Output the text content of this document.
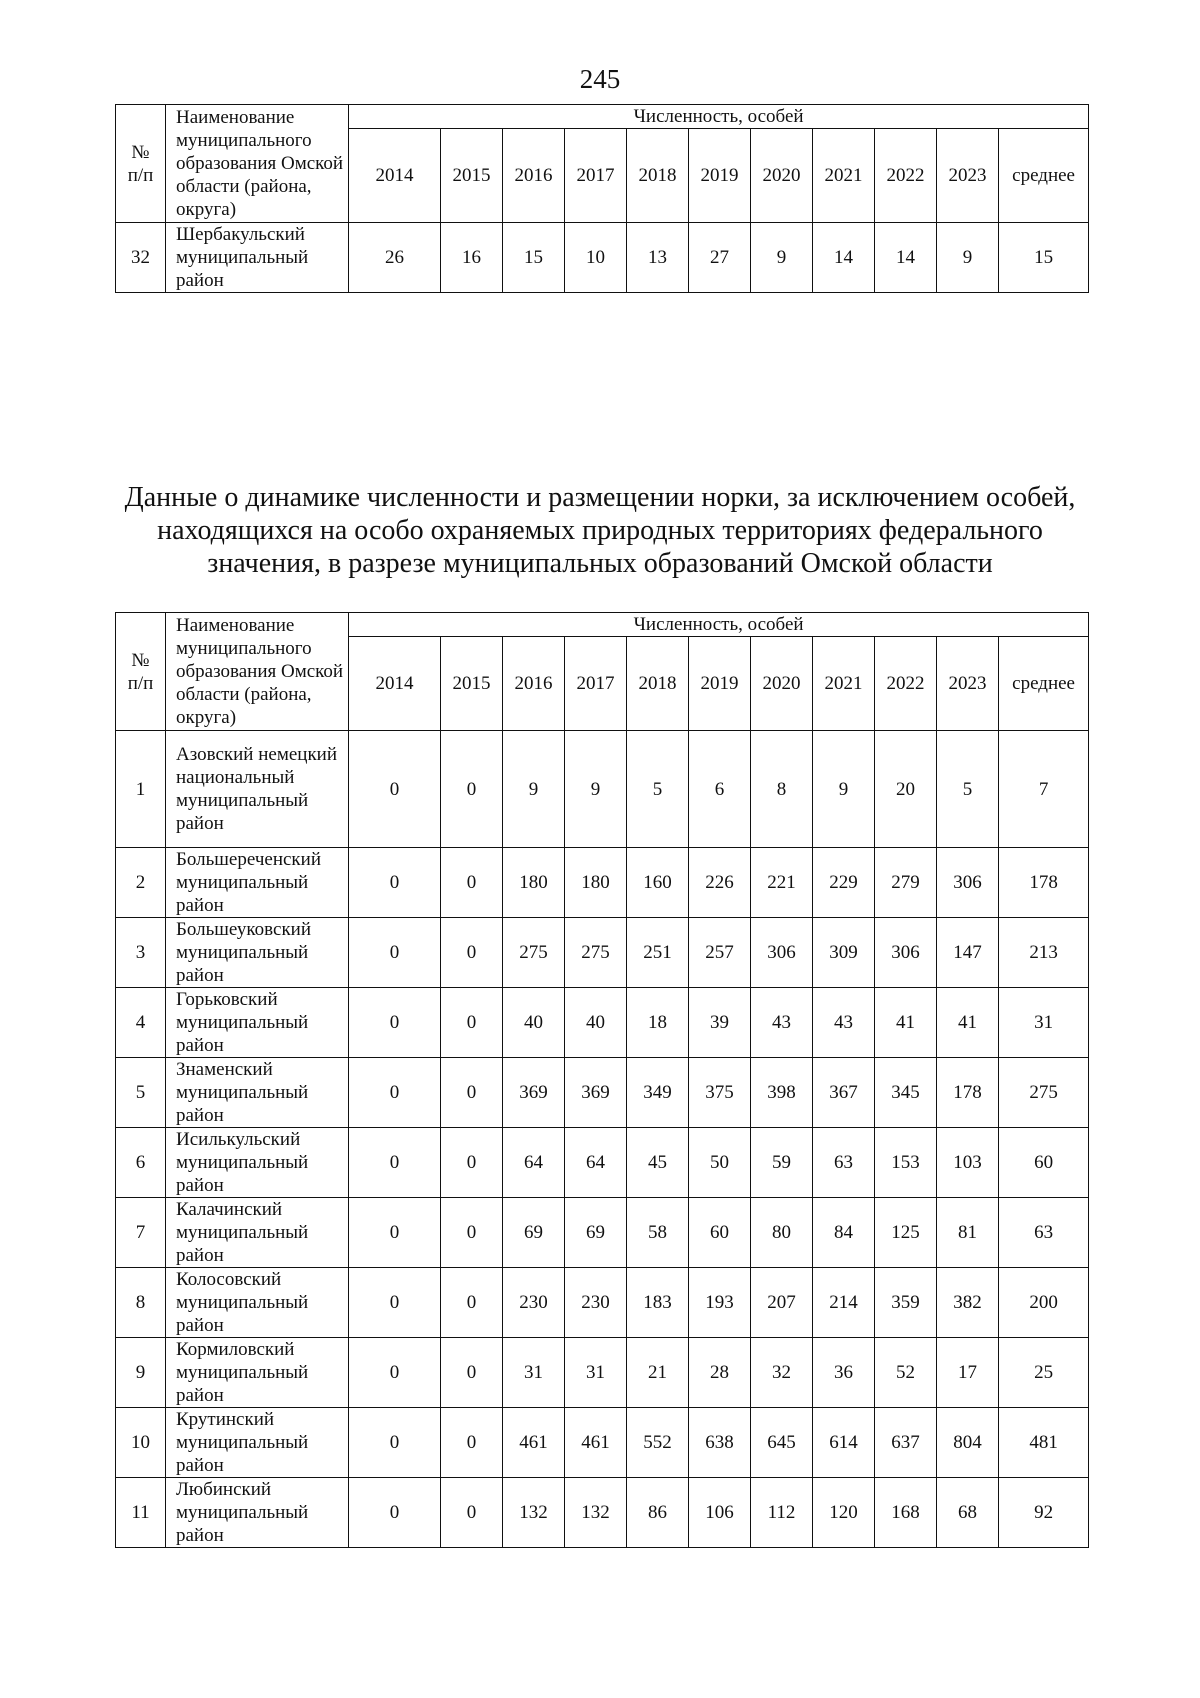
245
№
п/п	Наименование муниципального образования Омской области (района, округа)	Численность, особей										
		2014	2015	2016	2017	2018	2019	2020	2021	2022	2023	среднее
32	Шербакульский муниципальный район	26	16	15	10	13	27	9	14	14	9	15
Данные о динамике численности и размещении норки, за исключением особей,
находящихся на особо охраняемых природных территориях федерального
значения, в разрезе муниципальных образований Омской области
№
п/п	Наименование муниципального образования Омской области (района, округа)	Численность, особей										
		2014	2015	2016	2017	2018	2019	2020	2021	2022	2023	среднее
1	Азовский немецкий национальный муниципальный район	0	0	9	9	5	6	8	9	20	5	7
2	Большереченский муниципальный район	0	0	180	180	160	226	221	229	279	306	178
3	Большеуковский муниципальный район	0	0	275	275	251	257	306	309	306	147	213
4	Горьковский муниципальный район	0	0	40	40	18	39	43	43	41	41	31
5	Знаменский муниципальный район	0	0	369	369	349	375	398	367	345	178	275
6	Исилькульский муниципальный район	0	0	64	64	45	50	59	63	153	103	60
7	Калачинский муниципальный район	0	0	69	69	58	60	80	84	125	81	63
8	Колосовский муниципальный район	0	0	230	230	183	193	207	214	359	382	200
9	Кормиловский муниципальный район	0	0	31	31	21	28	32	36	52	17	25
10	Крутинский муниципальный район	0	0	461	461	552	638	645	614	637	804	481
11	Любинский муниципальный район	0	0	132	132	86	106	112	120	168	68	92
